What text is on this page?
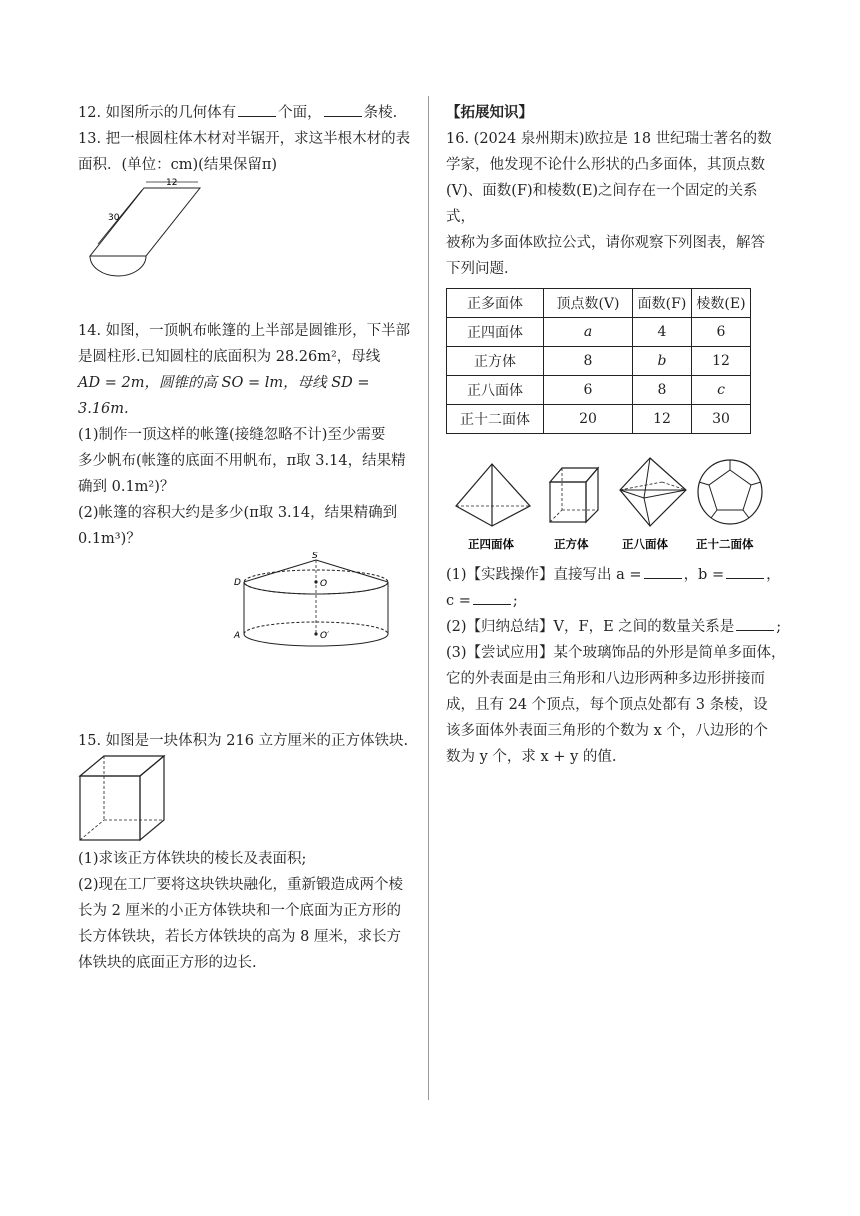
12. 如图所示的几何体有	个面，	条棱.

13. 把一根圆柱体木材对半锯开，求这半根木材的表

面积．(单位：cm)(结果保留π)

30
12

14. 如图，一顶帆布帐篷的上半部是圆锥形，下半部

是圆柱形.已知圆柱的底面积为 28.26m²，母线

AD = 2m，圆锥的高 SO = lm，母线 SD = 3.16m.

(1)制作一顶这样的帐篷(接缝忽略不计)至少需要

多少帆布(帐篷的底面不用帆布，π取 3.14，结果精

确到 0.1m²)？

(2)帐篷的容积大约是多少(π取 3.14，结果精确到

0.1m³)？

S
D	O
A	O′

15. 如图是一块体积为 216 立方厘米的正方体铁块.

(1)求该正方体铁块的棱长及表面积;

(2)现在工厂要将这块铁块融化，重新锻造成两个棱

长为 2 厘米的小正方体铁块和一个底面为正方形的

长方体铁块，若长方体铁块的高为 8 厘米，求长方

体铁块的底面正方形的边长.

【拓展知识】

16. (2024 泉州期末)欧拉是 18 世纪瑞士著名的数

学家，他发现不论什么形状的凸多面体，其顶点数

(V)、面数(F)和棱数(E)之间存在一个固定的关系式，

被称为多面体欧拉公式，请你观察下列图表，解答

下列问题．

正多面体	顶点数(V)	面数(F)	棱数(E)
正四面体	a	4	6
正方体	8	b	12
正八面体	6	8	c
正十二面体	20	12	30
正四面体	正方体	正八面体 正十二面体

(1)【实践操作】直接写出 a =	，b =	，

c =	;

(2)【归纳总结】V，F，E 之间的数量关系是	;

(3)【尝试应用】某个玻璃饰品的外形是简单多面体，

它的外表面是由三角形和八边形两种多边形拼接而

成，且有 24 个顶点，每个顶点处都有 3 条棱，设

该多面体外表面三角形的个数为 x 个，八边形的个

数为 y 个，求 x + y 的值.
